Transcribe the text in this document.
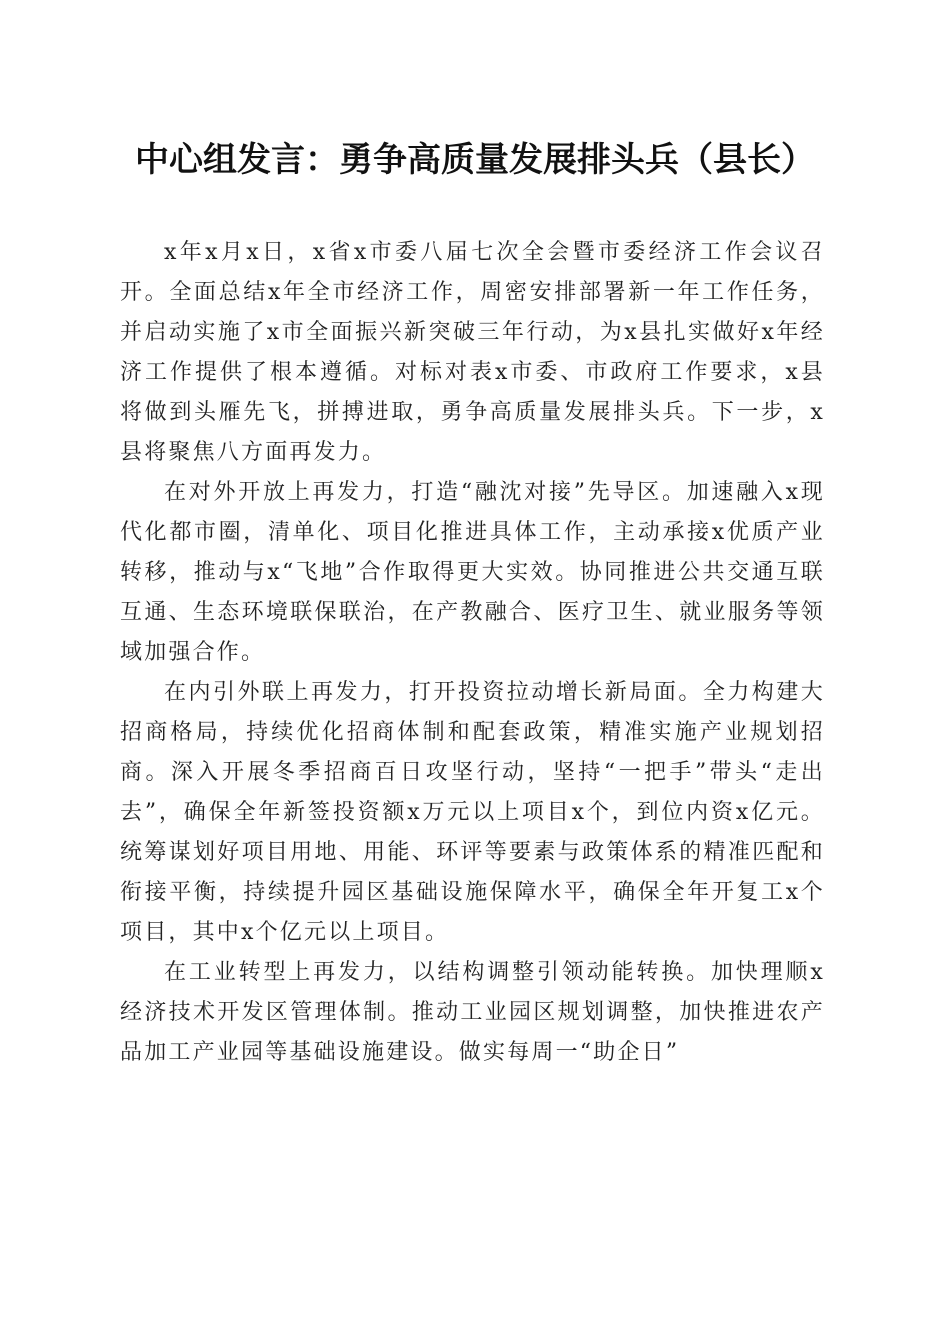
中心组发言：勇争高质量发展排头兵（县长）

x年x月x日，x省x市委八届七次全会暨市委经济工作会议召开。全面总结x年全市经济工作，周密安排部署新一年工作任务，并启动实施了x市全面振兴新突破三年行动，为x县扎实做好x年经济工作提供了根本遵循。对标对表x市委、市政府工作要求，x县将做到头雁先飞，拼搏进取，勇争高质量发展排头兵。下一步，x县将聚焦八方面再发力。

在对外开放上再发力，打造“融沈对接”先导区。加速融入x现代化都市圈，清单化、项目化推进具体工作，主动承接x优质产业转移，推动与x“飞地”合作取得更大实效。协同推进公共交通互联互通、生态环境联保联治，在产教融合、医疗卫生、就业服务等领域加强合作。

在内引外联上再发力，打开投资拉动增长新局面。全力构建大招商格局，持续优化招商体制和配套政策，精准实施产业规划招商。深入开展冬季招商百日攻坚行动，坚持“一把手”带头“走出去”，确保全年新签投资额x万元以上项目x个，到位内资x亿元。统筹谋划好项目用地、用能、环评等要素与政策体系的精准匹配和衔接平衡，持续提升园区基础设施保障水平，确保全年开复工x个项目，其中x个亿元以上项目。

在工业转型上再发力，以结构调整引领动能转换。加快理顺x经济技术开发区管理体制。推动工业园区规划调整，加快推进农产品加工产业园等基础设施建设。做实每周一“助企日”
